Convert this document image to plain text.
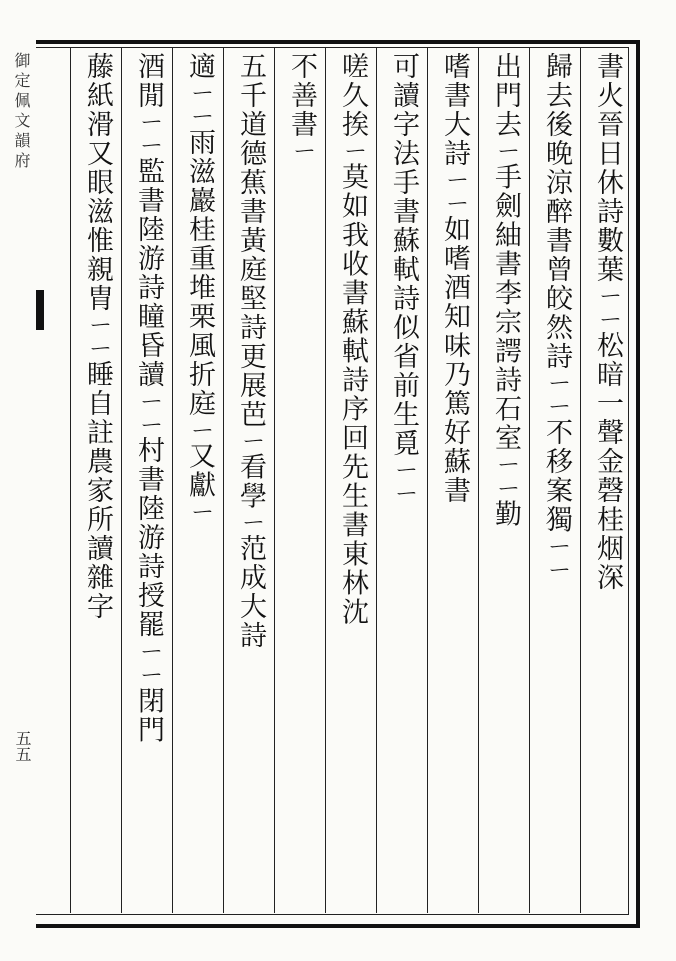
御定佩文韻府
五五
書火晉日休詩數葉ㄧㄧ松暗一聲金磬桂烟深
歸去後晚涼醉書曾皎然詩ㄧㄧ不移案獨ㄧㄧ
出門去ㄧ手劍紬書李宗諤詩石室ㄧㄧ勤
嗜書大詩ㄧㄧ如嗜酒知味乃篤好蘇書
可讀字法手書蘇軾詩似省前生覓ㄧㄧ
嗟久挨ㄧ莫如我收書蘇軾詩序回先生書東林沈
不善書ㄧ
五千道德蕉書黃庭堅詩更展芭ㄧ看學ㄧ范成大詩
適ㄧㄧ雨滋巖桂重堆栗風折庭ㄧ又獻ㄧ
酒閒ㄧㄧ監書陸游詩瞳昏讀ㄧㄧ村書陸游詩授罷ㄧㄧ閉門
藤紙滑又眼滋惟親胄ㄧㄧ睡自註農家所讀雜字
